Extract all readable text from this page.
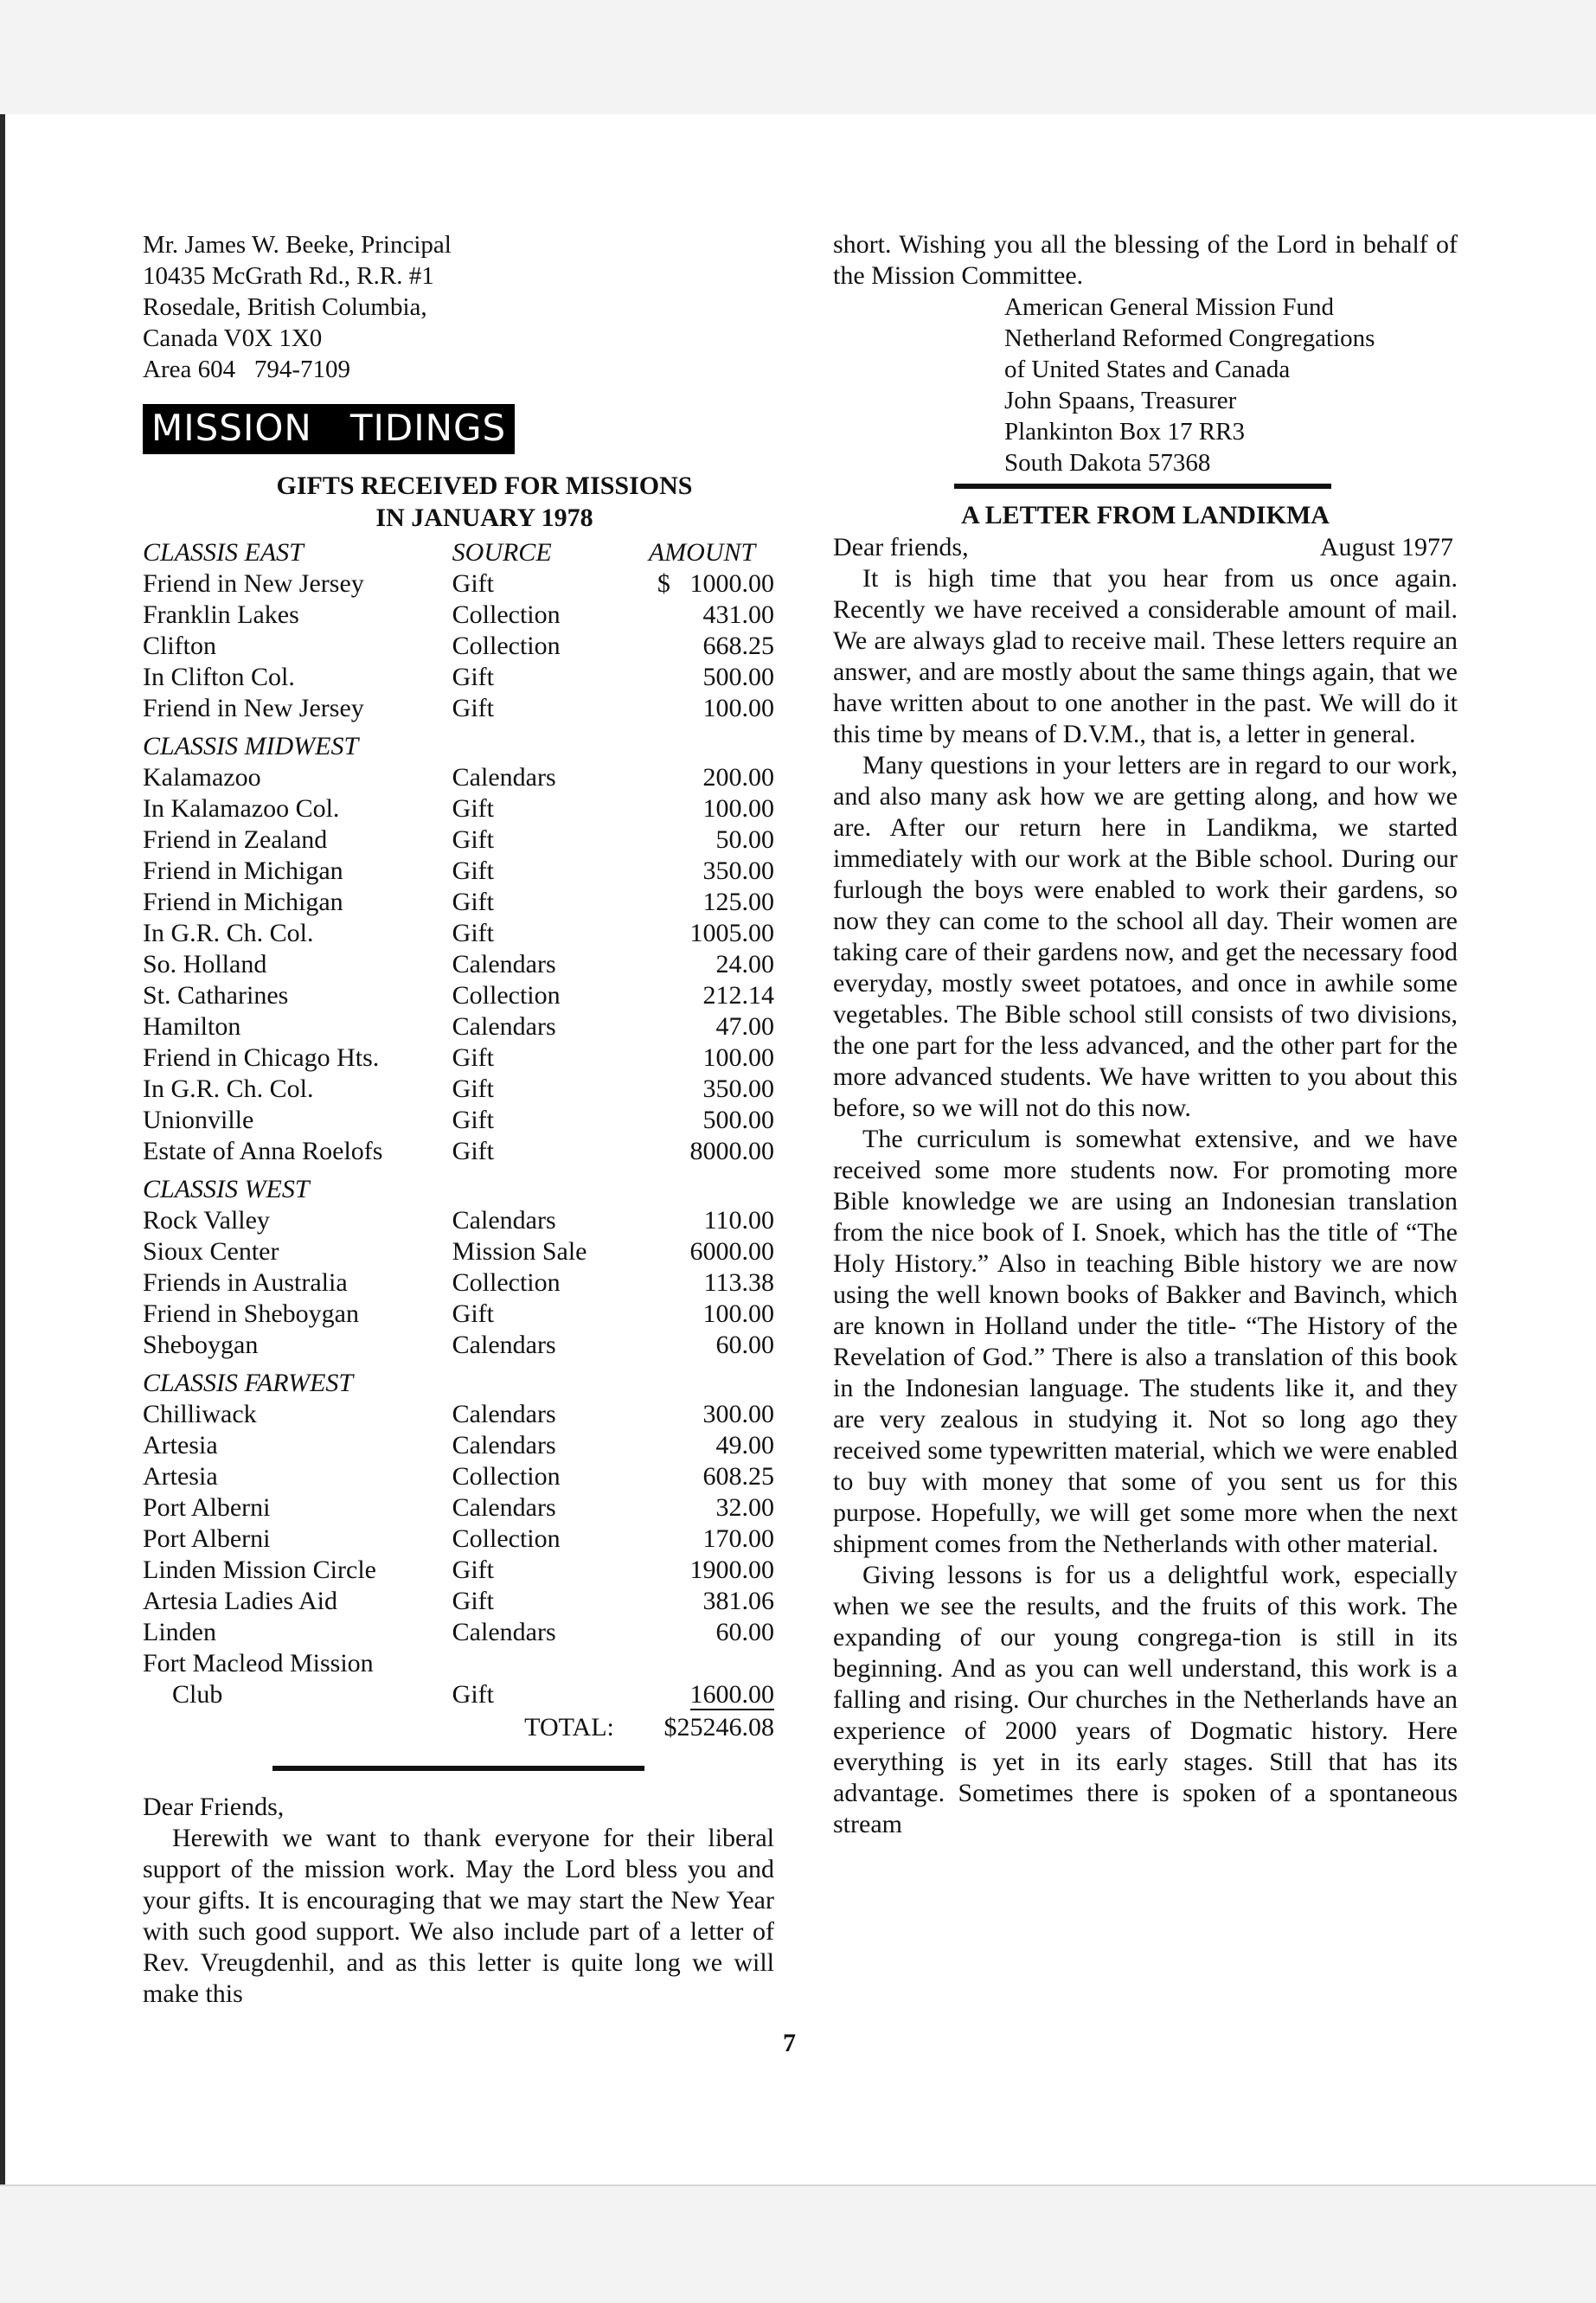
Mr. James W. Beeke, Principal
10435 McGrath Rd., R.R. #1
Rosedale, British Columbia,
Canada V0X 1X0
Area 604 794-7109
MISSION TIDINGS
GIFTS RECEIVED FOR MISSIONS
IN JANUARY 1978
CLASSIS EAST	SOURCE	AMOUNT
Friend in New Jersey	Gift	$ 1000.00

Franklin Lakes	Collection	431.00
Clifton	Collection	668.25
In Clifton Col.	Gift	500.00
Friend in New Jersey	Gift	100.00
CLASSIS MIDWEST		
Kalamazoo	Calendars	200.00
In Kalamazoo Col.	Gift	100.00
Friend in Zealand	Gift	50.00
Friend in Michigan	Gift	350.00
Friend in Michigan	Gift	125.00
In G.R. Ch. Col.	Gift	1005.00
So. Holland	Calendars	24.00
St. Catharines	Collection	212.14
Hamilton	Calendars	47.00
Friend in Chicago Hts.	Gift	100.00
In G.R. Ch. Col.	Gift	350.00
Unionville	Gift	500.00
Estate of Anna Roelofs	Gift	8000.00
CLASSIS WEST		
Rock Valley	Calendars	110.00
Sioux Center	Mission Sale	6000.00
Friends in Australia	Collection	113.38
Friend in Sheboygan	Gift	100.00
Sheboygan	Calendars	60.00
CLASSIS FARWEST		
Chilliwack	Calendars	300.00
Artesia	Calendars	49.00
Artesia	Collection	608.25
Port Alberni	Calendars	32.00
Port Alberni	Collection	170.00
Linden Mission Circle	Gift	1900.00
Artesia Ladies Aid	Gift	381.06
Linden	Calendars	60.00
Fort Macleod Mission		
Club	Gift	1600.00
	TOTAL:	$25246.08
Dear Friends,

Herewith we want to thank everyone for their liberal support of the mission work. May the Lord bless you and your gifts. It is encouraging that we may start the New Year with such good support. We also include part of a letter of Rev. Vreugdenhil, and as this letter is quite long we will make this

short. Wishing you all the blessing of the Lord in behalf of the Mission Committee.

American General Mission Fund
Netherland Reformed Congregations
of United States and Canada
John Spaans, Treasurer
Plankinton Box 17 RR3
South Dakota 57368
A LETTER FROM LANDIKMA
Dear friends,	August 1977

It is high time that you hear from us once again. Recently we have received a considerable amount of mail. We are always glad to receive mail. These letters require an answer, and are mostly about the same things again, that we have written about to one another in the past. We will do it this time by means of D.V.M., that is, a letter in general.

Many questions in your letters are in regard to our work, and also many ask how we are getting along, and how we are. After our return here in Landikma, we started immediately with our work at the Bible school. During our furlough the boys were enabled to work their gardens, so now they can come to the school all day. Their women are taking care of their gardens now, and get the necessary food everyday, mostly sweet potatoes, and once in awhile some vegetables. The Bible school still consists of two divisions, the one part for the less advanced, and the other part for the more advanced students. We have written to you about this before, so we will not do this now.

The curriculum is somewhat extensive, and we have received some more students now. For promoting more Bible knowledge we are using an Indonesian translation from the nice book of I. Snoek, which has the title of “The Holy History.” Also in teaching Bible history we are now using the well known books of Bakker and Bavinch, which are known in Holland under the title- “The History of the Revelation of God.” There is also a translation of this book in the Indonesian language. The students like it, and they are very zealous in studying it. Not so long ago they received some typewritten material, which we were enabled to buy with money that some of you sent us for this purpose. Hopefully, we will get some more when the next shipment comes from the Netherlands with other material.

Giving lessons is for us a delightful work, especially when we see the results, and the fruits of this work. The expanding of our young congrega-tion is still in its beginning. And as you can well understand, this work is a falling and rising. Our churches in the Netherlands have an experience of 2000 years of Dogmatic history. Here everything is yet in its early stages. Still that has its advantage. Sometimes there is spoken of a spontaneous stream

7
